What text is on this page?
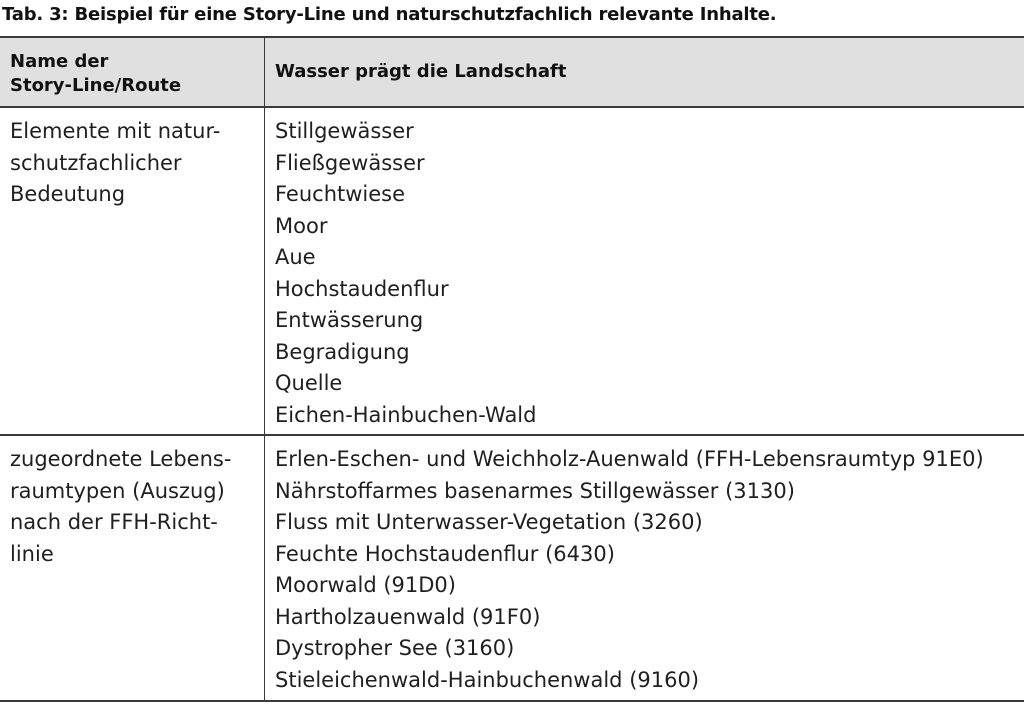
Tab. 3: Beispiel für eine Story-Line und naturschutzfachlich relevante Inhalte.
Name der
Story-Line/Route
Wasser prägt die Landschaft
Elemente mit natur-
schutzfachlicher
Bedeutung
Stillgewässer
Fließgewässer
Feuchtwiese
Moor
Aue
Hochstaudenflur
Entwässerung
Begradigung
Quelle
Eichen-Hainbuchen-Wald
zugeordnete Lebens-
raumtypen (Auszug)
nach der FFH-Richt-
linie
Erlen-Eschen- und Weichholz-Auenwald (FFH-Lebensraumtyp 91E0)
Nährstoffarmes basenarmes Stillgewässer (3130)
Fluss mit Unterwasser-Vegetation (3260)
Feuchte Hochstaudenflur (6430)
Moorwald (91D0)
Hartholzauenwald (91F0)
Dystropher See (3160)
Stieleichenwald-Hainbuchenwald (9160)
